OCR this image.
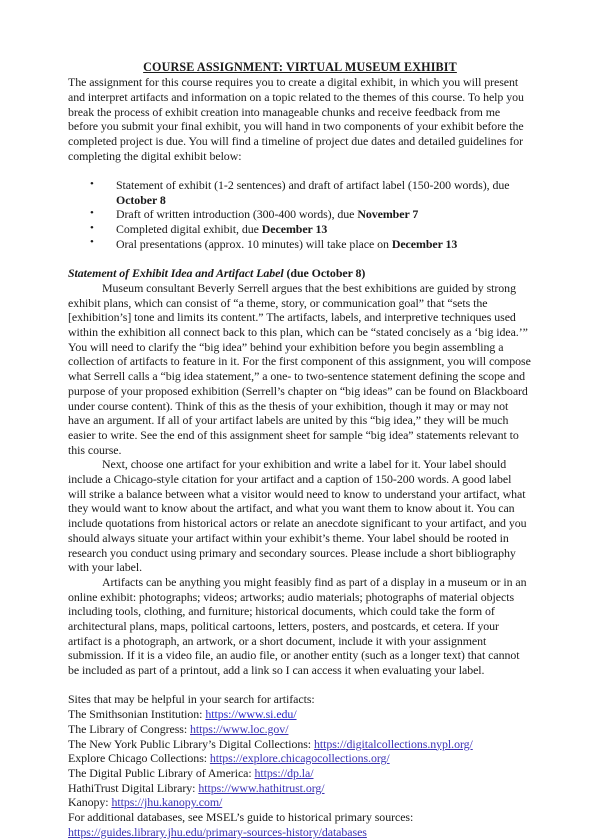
COURSE ASSIGNMENT: VIRTUAL MUSEUM EXHIBIT

The assignment for this course requires you to create a digital exhibit, in which you will present and interpret artifacts and information on a topic related to the themes of this course. To help you break the process of exhibit creation into manageable chunks and receive feedback from me before you submit your final exhibit, you will hand in two components of your exhibit before the completed project is due. You will find a timeline of project due dates and detailed guidelines for completing the digital exhibit below:

• Statement of exhibit (1-2 sentences) and draft of artifact label (150-200 words), due October 8
• Draft of written introduction (300-400 words), due November 7
• Completed digital exhibit, due December 13
• Oral presentations (approx. 10 minutes) will take place on December 13

Statement of Exhibit Idea and Artifact Label (due October 8)

Museum consultant Beverly Serrell argues that the best exhibitions are guided by strong exhibit plans, which can consist of “a theme, story, or communication goal” that “sets the [exhibition’s] tone and limits its content.” The artifacts, labels, and interpretive techniques used within the exhibition all connect back to this plan, which can be “stated concisely as a ‘big idea.’” You will need to clarify the “big idea” behind your exhibition before you begin assembling a collection of artifacts to feature in it. For the first component of this assignment, you will compose what Serrell calls a “big idea statement,” a one- to two-sentence statement defining the scope and purpose of your proposed exhibition (Serrell’s chapter on “big ideas” can be found on Blackboard under course content). Think of this as the thesis of your exhibition, though it may or may not have an argument. If all of your artifact labels are united by this “big idea,” they will be much easier to write. See the end of this assignment sheet for sample “big idea” statements relevant to this course.

Next, choose one artifact for your exhibition and write a label for it. Your label should include a Chicago-style citation for your artifact and a caption of 150-200 words. A good label will strike a balance between what a visitor would need to know to understand your artifact, what they would want to know about the artifact, and what you want them to know about it. You can include quotations from historical actors or relate an anecdote significant to your artifact, and you should always situate your artifact within your exhibit’s theme. Your label should be rooted in research you conduct using primary and secondary sources. Please include a short bibliography with your label.

Artifacts can be anything you might feasibly find as part of a display in a museum or in an online exhibit: photographs; videos; artworks; audio materials; photographs of material objects including tools, clothing, and furniture; historical documents, which could take the form of architectural plans, maps, political cartoons, letters, posters, and postcards, et cetera. If your artifact is a photograph, an artwork, or a short document, include it with your assignment submission. If it is a video file, an audio file, or another entity (such as a longer text) that cannot be included as part of a printout, add a link so I can access it when evaluating your label.

Sites that may be helpful in your search for artifacts:

The Smithsonian Institution: https://www.si.edu/
The Library of Congress: https://www.loc.gov/
The New York Public Library’s Digital Collections: https://digitalcollections.nypl.org/
Explore Chicago Collections: https://explore.chicagocollections.org/
The Digital Public Library of America: https://dp.la/
HathiTrust Digital Library: https://www.hathitrust.org/
Kanopy: https://jhu.kanopy.com/

For additional databases, see MSEL’s guide to historical primary sources:

https://guides.library.jhu.edu/primary-sources-history/databases
